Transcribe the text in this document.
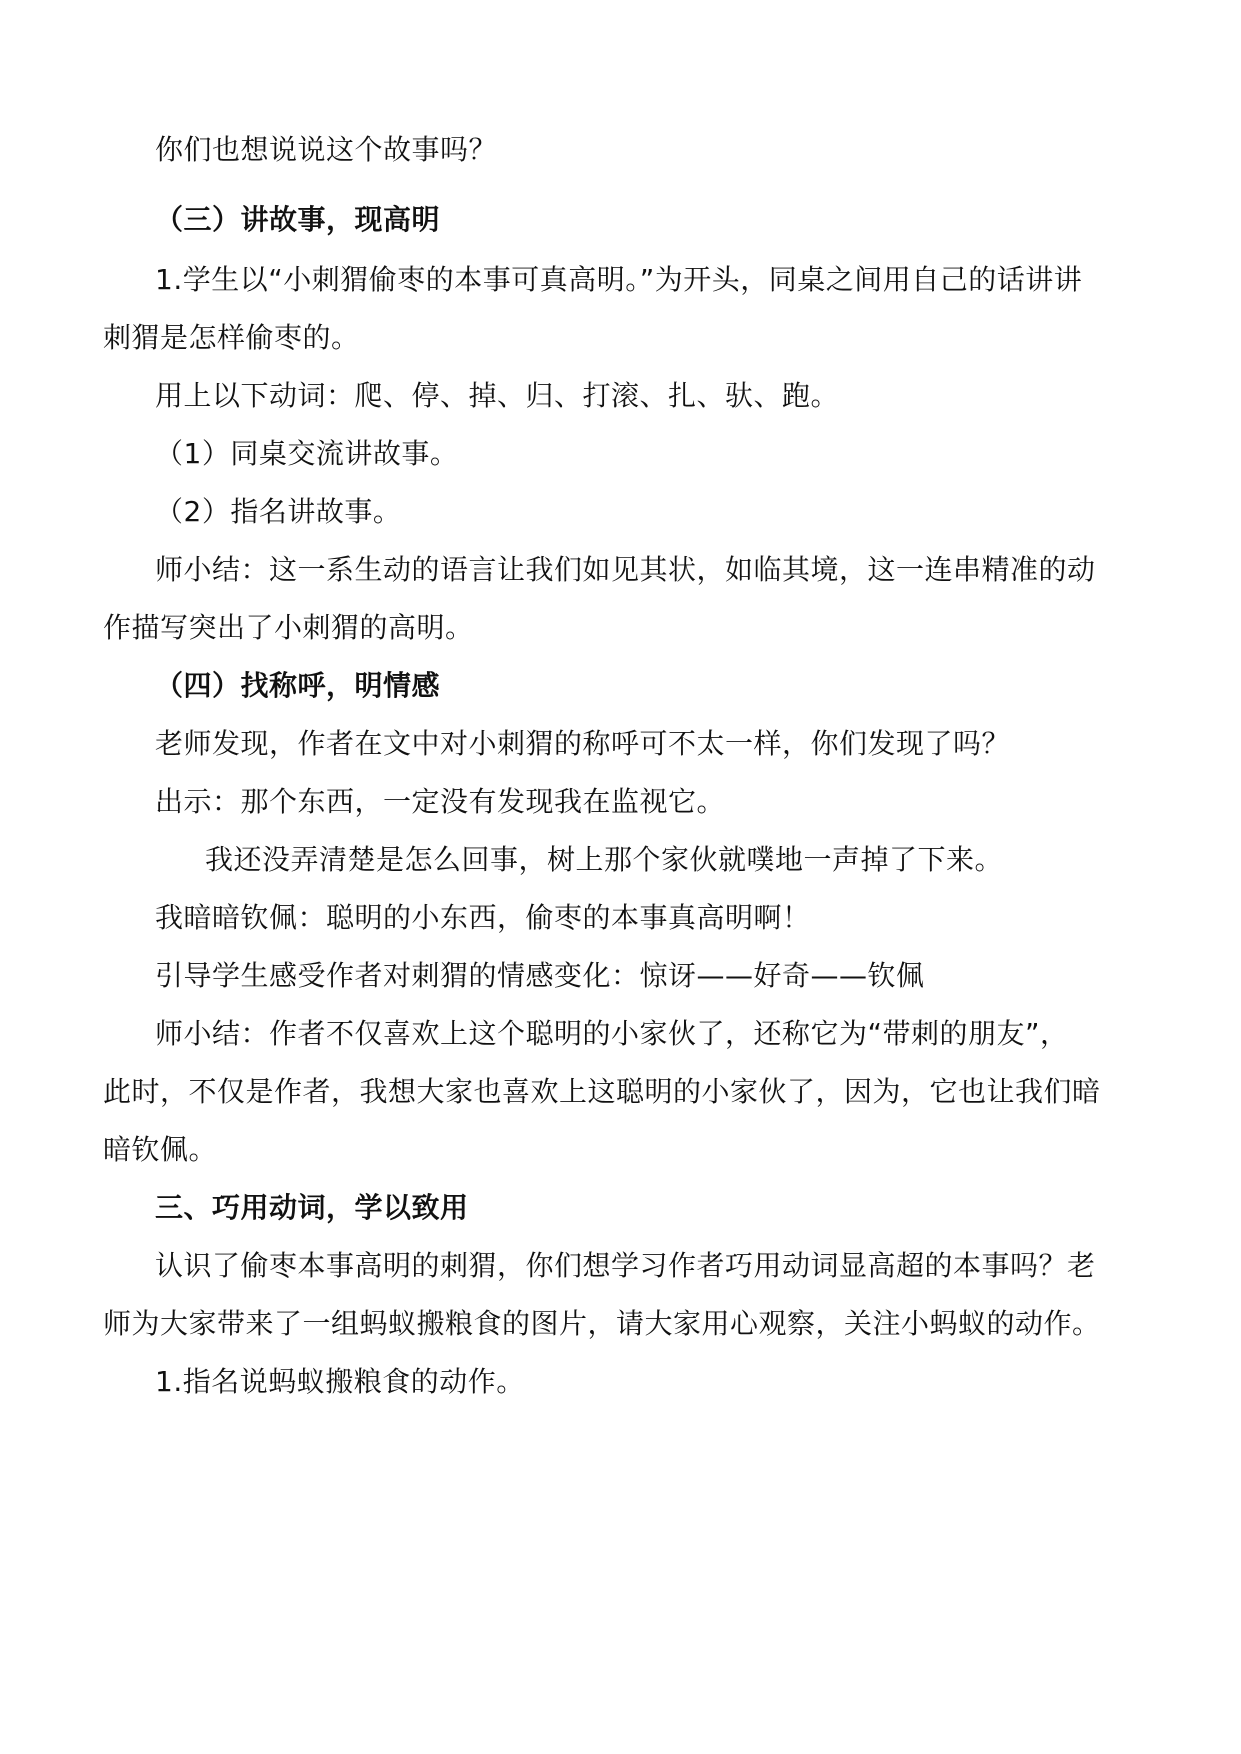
你们也想说说这个故事吗？

（三）讲故事，现高明

1.学生以“小刺猬偷枣的本事可真高明。”为开头，同桌之间用自己的话讲讲

刺猬是怎样偷枣的。

用上以下动词：爬、停、掉、归、打滚、扎、驮、跑。

（1）同桌交流讲故事。

（2）指名讲故事。

师小结：这一系生动的语言让我们如见其状，如临其境，这一连串精准的动

作描写突出了小刺猬的高明。

（四）找称呼，明情感

老师发现，作者在文中对小刺猬的称呼可不太一样，你们发现了吗？

出示：那个东西，一定没有发现我在监视它。

我还没弄清楚是怎么回事，树上那个家伙就噗地一声掉了下来。

我暗暗钦佩：聪明的小东西，偷枣的本事真高明啊！

引导学生感受作者对刺猬的情感变化：惊讶——好奇——钦佩

师小结：作者不仅喜欢上这个聪明的小家伙了，还称它为“带刺的朋友”，

此时，不仅是作者，我想大家也喜欢上这聪明的小家伙了，因为，它也让我们暗

暗钦佩。

三、巧用动词，学以致用

认识了偷枣本事高明的刺猬，你们想学习作者巧用动词显高超的本事吗？老

师为大家带来了一组蚂蚁搬粮食的图片，请大家用心观察，关注小蚂蚁的动作。

1.指名说蚂蚁搬粮食的动作。
